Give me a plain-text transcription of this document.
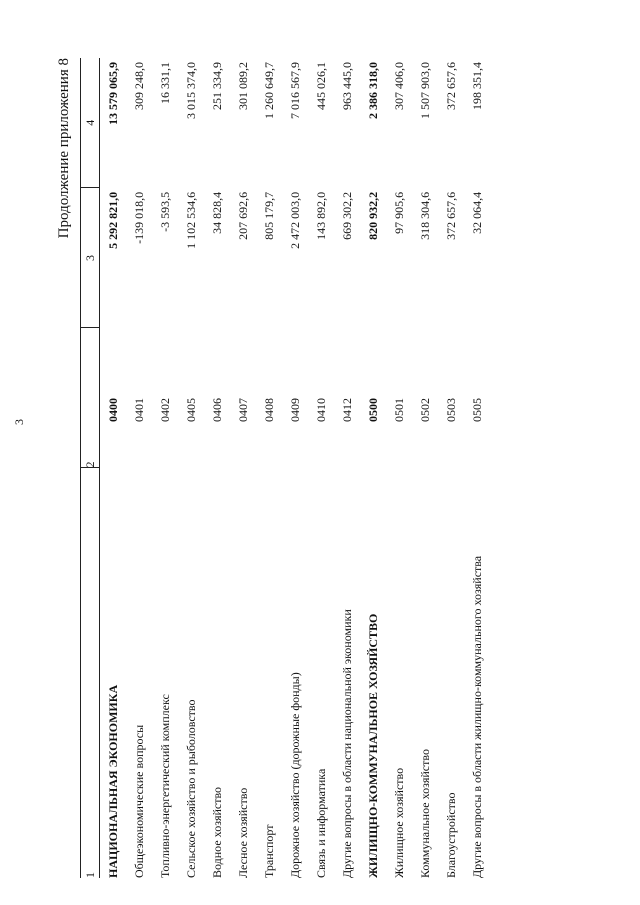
3
Продолжение приложения 8
1	2	3	4
НАЦИОНАЛЬНАЯ ЭКОНОМИКА	0400	5 292 821,0	13 579 065,9
Общеэкономические вопросы	0401	-139 018,0	309 248,0
Топливно-энергетический комплекс	0402	-3 593,5	16 331,1
Сельское хозяйство и рыболовство	0405	1 102 534,6	3 015 374,0
Водное хозяйство	0406	34 828,4	251 334,9
Лесное хозяйство	0407	207 692,6	301 089,2
Транспорт	0408	805 179,7	1 260 649,7
Дорожное хозяйство (дорожные фонды)	0409	2 472 003,0	7 016 567,9
Связь и информатика	0410	143 892,0	445 026,1
Другие вопросы в области национальной экономики	0412	669 302,2	963 445,0
ЖИЛИЩНО-КОММУНАЛЬНОЕ ХОЗЯЙСТВО	0500	820 932,2	2 386 318,0
Жилищное хозяйство	0501	97 905,6	307 406,0
Коммунальное хозяйство	0502	318 304,6	1 507 903,0
Благоустройство	0503	372 657,6	372 657,6
Другие вопросы в области жилищно-коммунального хозяйства	0505	32 064,4	198 351,4
